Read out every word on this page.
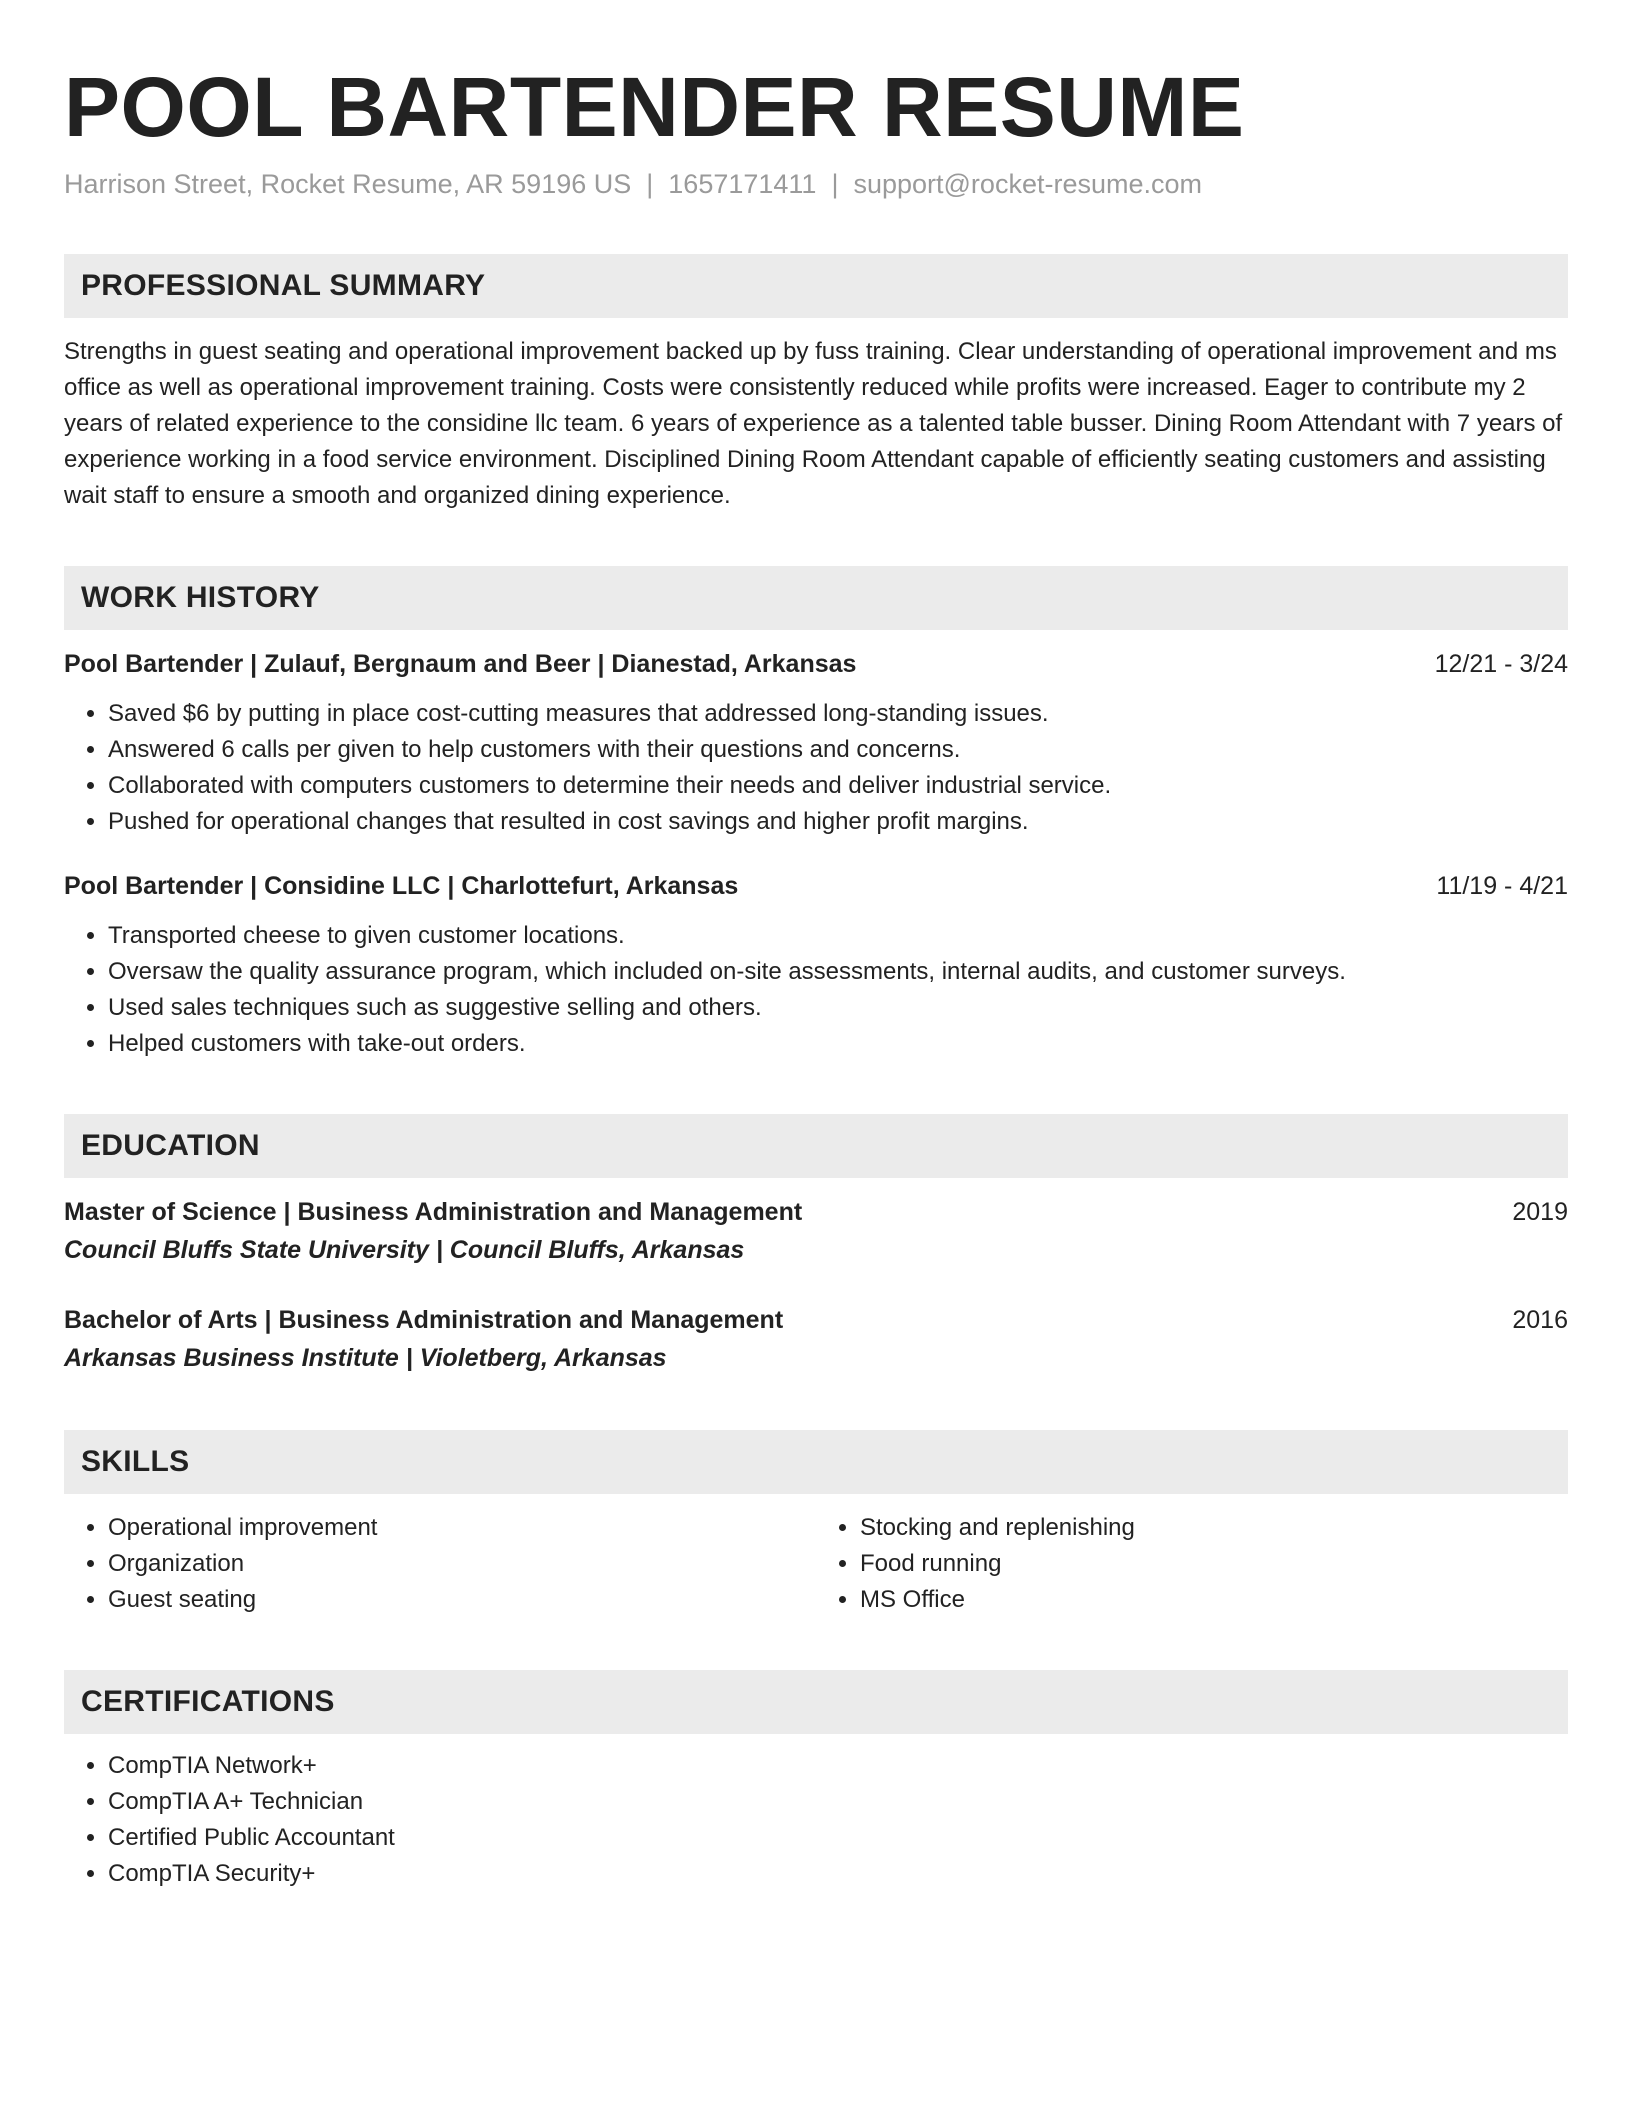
POOL BARTENDER RESUME
Harrison Street, Rocket Resume, AR 59196 US | 1657171411 | support@rocket-resume.com
PROFESSIONAL SUMMARY
Strengths in guest seating and operational improvement backed up by fuss training. Clear understanding of operational improvement and ms office as well as operational improvement training. Costs were consistently reduced while profits were increased. Eager to contribute my 2 years of related experience to the considine llc team. 6 years of experience as a talented table busser. Dining Room Attendant with 7 years of experience working in a food service environment. Disciplined Dining Room Attendant capable of efficiently seating customers and assisting wait staff to ensure a smooth and organized dining experience.
WORK HISTORY
Pool Bartender | Zulauf, Bergnaum and Beer | Dianestad, Arkansas	12/21 - 3/24
• Saved $6 by putting in place cost-cutting measures that addressed long-standing issues.
• Answered 6 calls per given to help customers with their questions and concerns.
• Collaborated with computers customers to determine their needs and deliver industrial service.
• Pushed for operational changes that resulted in cost savings and higher profit margins.
Pool Bartender | Considine LLC | Charlottefurt, Arkansas	11/19 - 4/21
• Transported cheese to given customer locations.
• Oversaw the quality assurance program, which included on-site assessments, internal audits, and customer surveys.
• Used sales techniques such as suggestive selling and others.
• Helped customers with take-out orders.
EDUCATION
Master of Science | Business Administration and Management	2019
Council Bluffs State University | Council Bluffs, Arkansas
Bachelor of Arts | Business Administration and Management	2016
Arkansas Business Institute | Violetberg, Arkansas
SKILLS
• Operational improvement
• Organization
• Guest seating
• Stocking and replenishing
• Food running
• MS Office
CERTIFICATIONS
• CompTIA Network+
• CompTIA A+ Technician
• Certified Public Accountant
• CompTIA Security+
